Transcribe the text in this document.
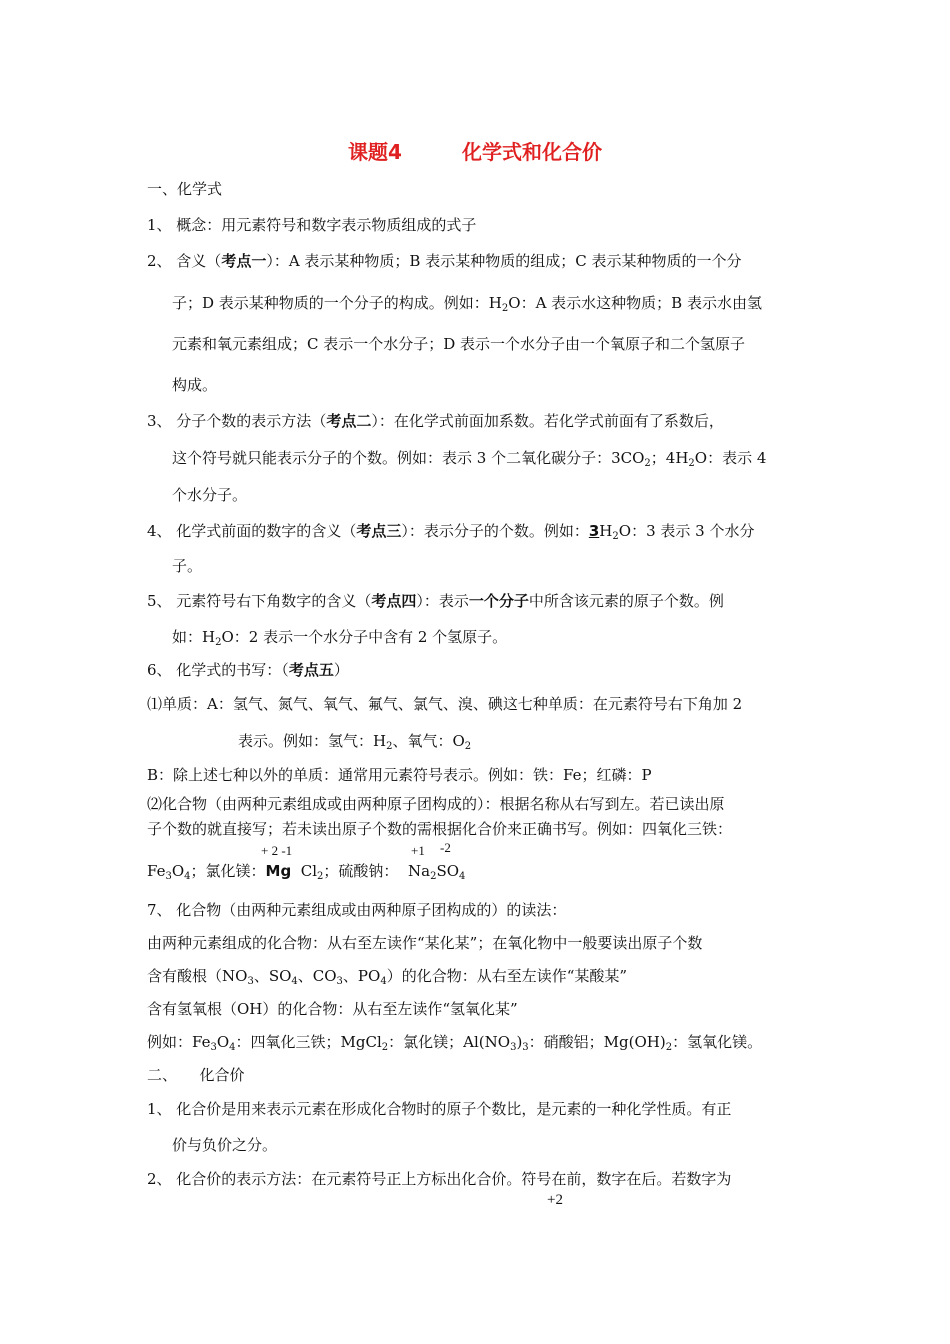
课题4　　　化学式和化合价
一、化学式
1、 概念：用元素符号和数字表示物质组成的式子
2、 含义（考点一）：A 表示某种物质；B 表示某种物质的组成；C 表示某种物质的一个分
子；D 表示某种物质的一个分子的构成。例如：$H_2O$：A 表示水这种物质；B 表示水由氢
元素和氧元素组成；C 表示一个水分子；D 表示一个水分子由一个氧原子和二个氢原子
构成。
3、 分子个数的表示方法（考点二）：在化学式前面加系数。若化学式前面有了系数后，
这个符号就只能表示分子的个数。例如：表示 3 个二氧化碳分子：$3CO_2$；$4H_2O$：表示 4
个水分子。
4、 化学式前面的数字的含义（考点三）：表示分子的个数。例如：$3H_2O$：3 表示 3 个水分
子。
5、 元素符号右下角数字的含义（考点四）：表示一个分子中所含该元素的原子个数。例
如：$H_2O$：2 表示一个水分子中含有 2 个氢原子。
6、 化学式的书写：（考点五）
⑴单质：A：氢气、氮气、氧气、氟气、氯气、溴、碘这七种单质：在元素符号右下角加 2
表示。例如：氢气：$H_2$、氧气：$O_2$
B：除上述七种以外的单质：通常用元素符号表示。例如：铁：Fe；红磷：P
⑵化合物（由两种元素组成或由两种原子团构成的）：根据名称从右写到左。若已读出原
子个数的就直接写；若未读出原子个数的需根据化合价来正确书写。例如：四氧化三铁：
+ 2 -1	+1 -2
$Fe_3O_4$；氯化镁：Mg $Cl_2$；硫酸钠： $Na_2SO_4$
7、 化合物（由两种元素组成或由两种原子团构成的）的读法：
由两种元素组成的化合物：从右至左读作“某化某”；在氧化物中一般要读出原子个数
含有酸根（$NO_3$、$SO_4$、$CO_3$、$PO_4$）的化合物：从右至左读作“某酸某”
含有氢氧根（OH）的化合物：从右至左读作“氢氧化某”
例如：$Fe_3O_4$：四氧化三铁；MgCl$_2$：氯化镁；$Al(NO_3)_3$：硝酸铝；$Mg(OH)_2$：氢氧化镁。
二、　　化合价
1、 化合价是用来表示元素在形成化合物时的原子个数比，是元素的一种化学性质。有正
价与负价之分。
2、 化合价的表示方法：在元素符号正上方标出化合价。符号在前，数字在后。若数字为
+2
